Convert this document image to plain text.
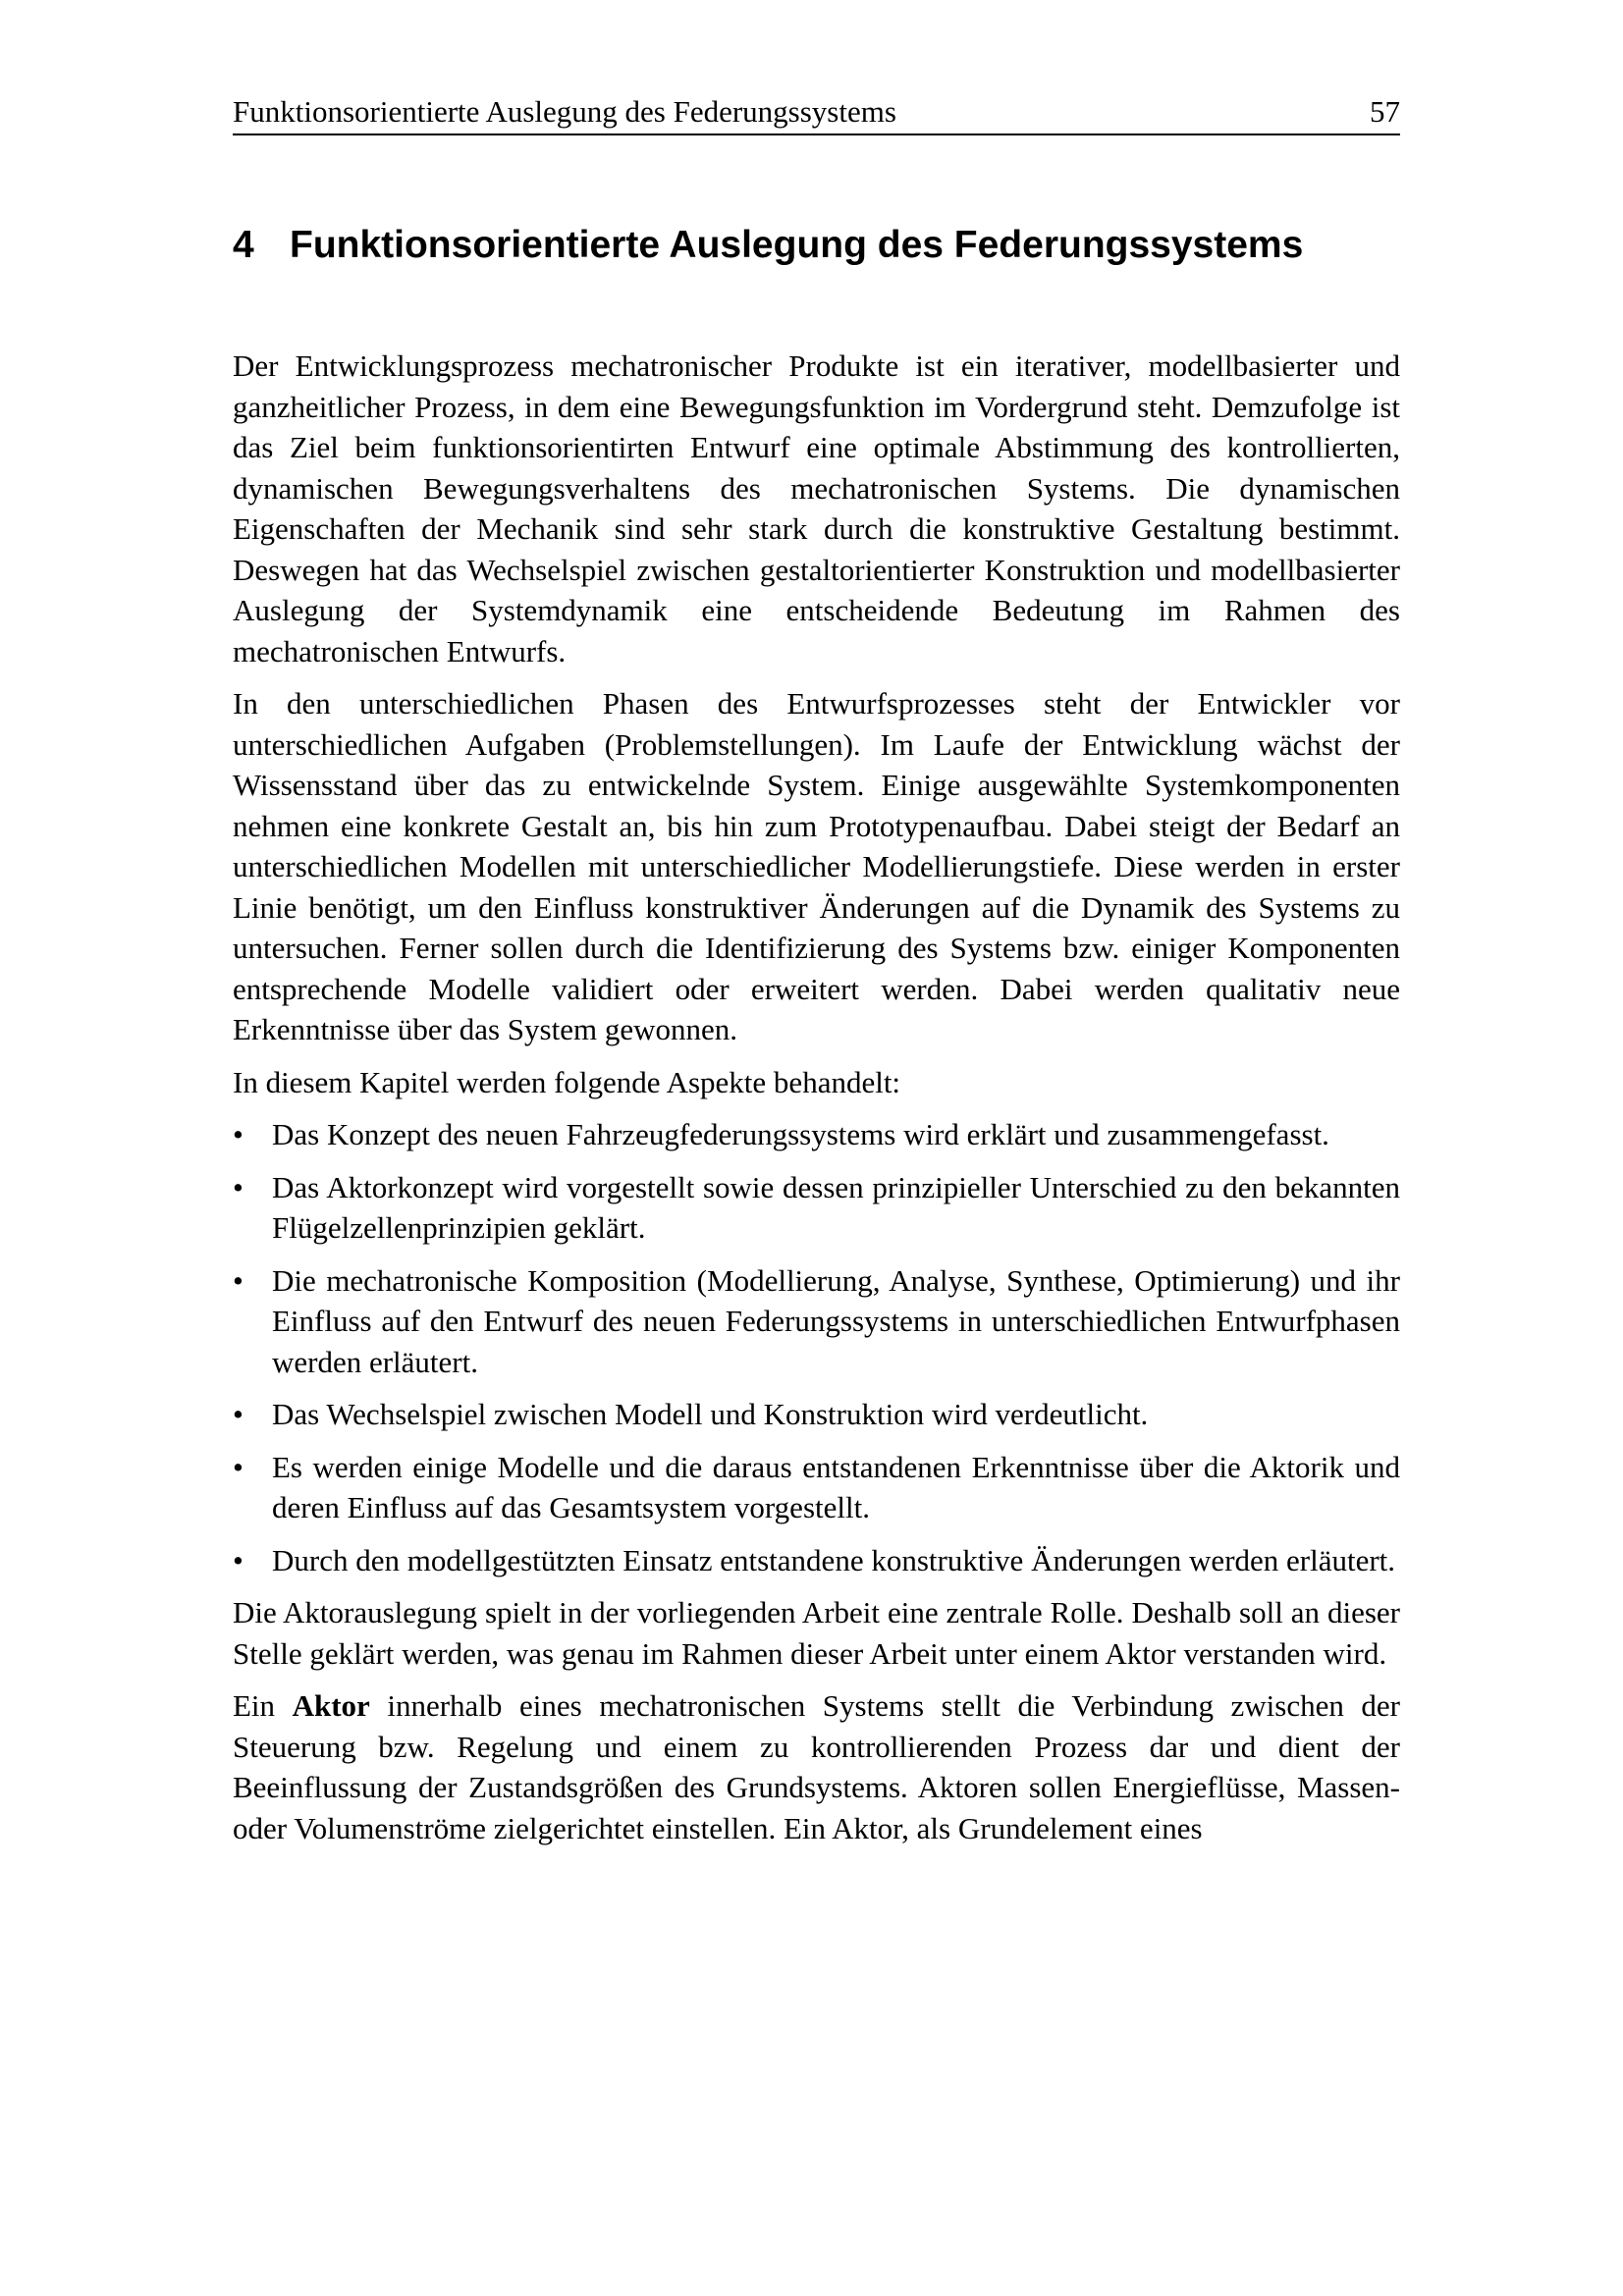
Funktionsorientierte Auslegung des Federungssystems	57
4 Funktionsorientierte Auslegung des Federungssystems

Der Entwicklungsprozess mechatronischer Produkte ist ein iterativer, modellbasierter und ganzheitlicher Prozess, in dem eine Bewegungsfunktion im Vordergrund steht. Demzufolge ist das Ziel beim funktionsorientirten Entwurf eine optimale Abstimmung des kontrollierten, dynamischen Bewegungsverhaltens des mechatronischen Systems. Die dynamischen Eigenschaften der Mechanik sind sehr stark durch die konstruktive Gestaltung bestimmt. Deswegen hat das Wechselspiel zwischen gestaltorientierter Konstruktion und modellbasierter Auslegung der Systemdynamik eine entscheidende Bedeutung im Rahmen des mechatronischen Entwurfs.

In den unterschiedlichen Phasen des Entwurfsprozesses steht der Entwickler vor unterschiedlichen Aufgaben (Problemstellungen). Im Laufe der Entwicklung wächst der Wissensstand über das zu entwickelnde System. Einige ausgewählte Systemkomponenten nehmen eine konkrete Gestalt an, bis hin zum Prototypenaufbau. Dabei steigt der Bedarf an unterschiedlichen Modellen mit unterschiedlicher Modellierungstiefe. Diese werden in erster Linie benötigt, um den Einfluss konstruktiver Änderungen auf die Dynamik des Systems zu untersuchen. Ferner sollen durch die Identifizierung des Systems bzw. einiger Komponenten entsprechende Modelle validiert oder erweitert werden. Dabei werden qualitativ neue Erkenntnisse über das System gewonnen.

In diesem Kapitel werden folgende Aspekte behandelt:

• Das Konzept des neuen Fahrzeugfederungssystems wird erklärt und zusammengefasst.
• Das Aktorkonzept wird vorgestellt sowie dessen prinzipieller Unterschied zu den bekannten Flügelzellenprinzipien geklärt.
• Die mechatronische Komposition (Modellierung, Analyse, Synthese, Optimierung) und ihr Einfluss auf den Entwurf des neuen Federungssystems in unterschiedlichen Entwurfphasen werden erläutert.
• Das Wechselspiel zwischen Modell und Konstruktion wird verdeutlicht.
• Es werden einige Modelle und die daraus entstandenen Erkenntnisse über die Aktorik und deren Einfluss auf das Gesamtsystem vorgestellt.
• Durch den modellgestützten Einsatz entstandene konstruktive Änderungen werden erläutert.

Die Aktorauslegung spielt in der vorliegenden Arbeit eine zentrale Rolle. Deshalb soll an dieser Stelle geklärt werden, was genau im Rahmen dieser Arbeit unter einem Aktor verstanden wird.

Ein Aktor innerhalb eines mechatronischen Systems stellt die Verbindung zwischen der Steuerung bzw. Regelung und einem zu kontrollierenden Prozess dar und dient der Beeinflussung der Zustandsgrößen des Grundsystems. Aktoren sollen Energieflüsse, Massen- oder Volumenströme zielgerichtet einstellen. Ein Aktor, als Grundelement eines
